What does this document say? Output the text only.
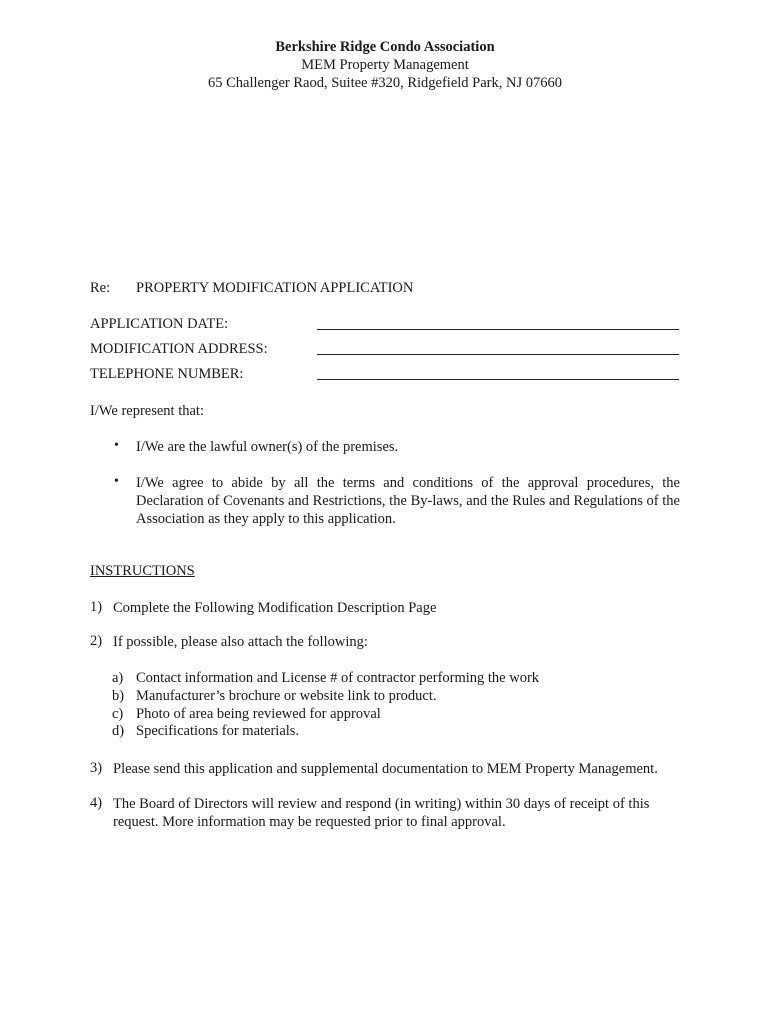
Berkshire Ridge Condo Association
MEM Property Management
65 Challenger Raod, Suitee #320, Ridgefield Park, NJ 07660
Re: PROPERTY MODIFICATION APPLICATION
APPLICATION DATE:
MODIFICATION ADDRESS:
TELEPHONE NUMBER:
I/We represent that:
• I/We are the lawful owner(s) of the premises.
• I/We agree to abide by all the terms and conditions of the approval procedures, the Declaration of Covenants and Restrictions, the By-laws, and the Rules and Regulations of the Association as they apply to this application.
INSTRUCTIONS
1) Complete the Following Modification Description Page
2) If possible, please also attach the following:
a) Contact information and License # of contractor performing the work
b) Manufacturer’s brochure or website link to product.
c) Photo of area being reviewed for approval
d) Specifications for materials.
3) Please send this application and supplemental documentation to MEM Property Management.
4) The Board of Directors will review and respond (in writing) within 30 days of receipt of this request. More information may be requested prior to final approval.
